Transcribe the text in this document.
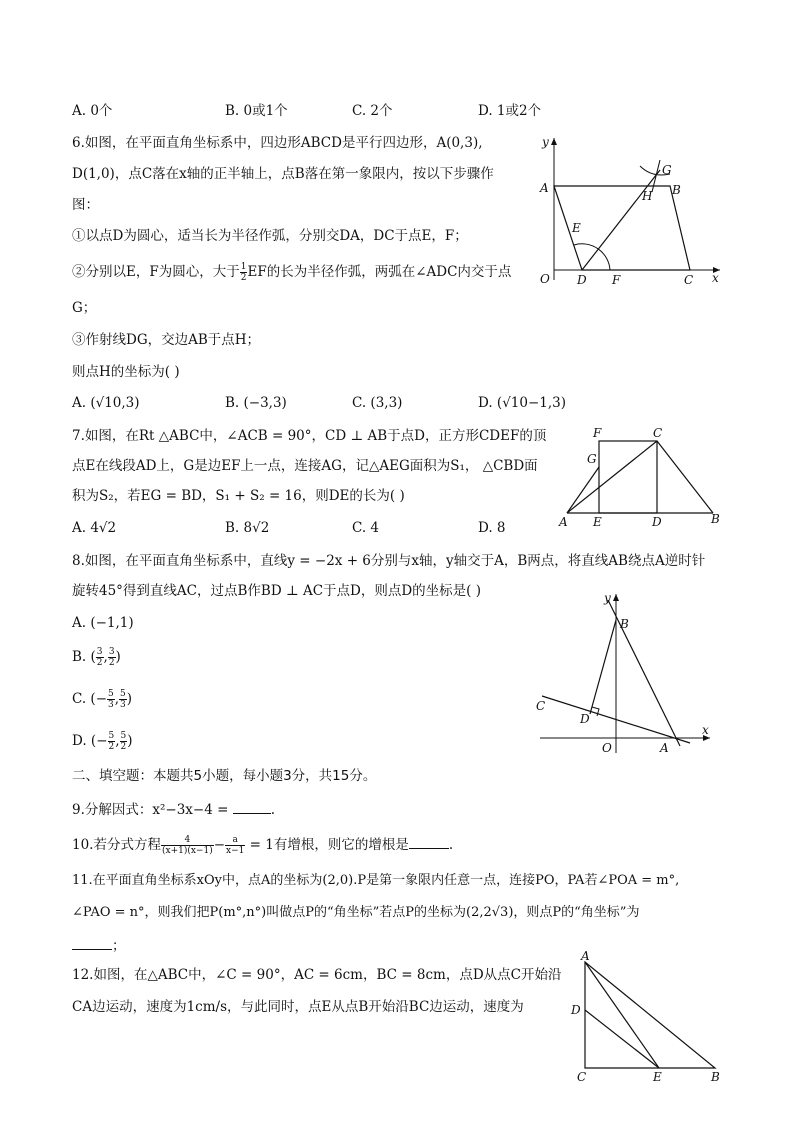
A. 0个	B. 0或1个	C. 2个	D. 1或2个
6.如图，在平面直角坐标系中，四边形ABCD是平行四边形，A(0,3),
D(1,0)，点C落在x轴的正半轴上，点B落在第一象限内，按以下步骤作
图：
①以点D为圆心，适当长为半径作弧，分别交DA，DC于点E，F；
②分别以E，F为圆心，大于 $\frac{1}{2}$ EF的长为半径作弧，两弧在∠ADC内交于点
G；
③作射线DG，交边AB于点H；
则点H的坐标为( )
A. (√10,3)	B. (−3,3)	C. (3,3)	D. (√10−1,3)
y
x
O
A	B
C
D
E
F
G
H
7.如图，在Rt △ABC中，∠ACB = 90°，CD ⊥ AB于点D，正方形CDEF的顶
点E在线段AD上，G是边EF上一点，连接AG，记△AEG面积为S₁， △CBD面
积为S₂，若EG = BD，S₁ + S₂ = 16，则DE的长为( )
A. 4√2	B. 8√2	C. 4	D. 8
F	C
G
A E	D	B
8.如图，在平面直角坐标系中，直线y = −2x + 6分别与x轴，y轴交于A，B两点，将直线AB绕点A逆时针
旋转45°得到直线AC，过点B作BD ⊥ AC于点D，则点D的坐标是( )
A. (−1,1)
B. ( $\frac{3}{2}$ , $\frac{3}{2}$ )
C. (− $\frac{5}{3}$ , $\frac{5}{3}$ )
D. (− $\frac{5}{2}$ , $\frac{5}{2}$ )
y
x
B
C
D
O	A
二、填空题：本题共5小题，每小题3分，共15分。
9.分解因式：x²−3x−4 =	.
10.若分式方程 $\frac{4}{(x+1)(x-1)} - \frac{a}{x-1} = 1$有增根，则它的增根是	.
11.在平面直角坐标系xOy中，点A的坐标为(2,0).P是第一象限内任意一点，连接PO，PA若∠POA = m°,
∠PAO = n°，则我们把P(m°,n°)叫做点P的“角坐标”若点P的坐标为(2,2√3)，则点P的“角坐标”为
；
12.如图，在△ABC中，∠C = 90°，AC = 6cm，BC = 8cm，点D从点C开始沿
CA边运动，速度为1cm/s，与此同时，点E从点B开始沿BC边运动，速度为
A
D
C	E	B
